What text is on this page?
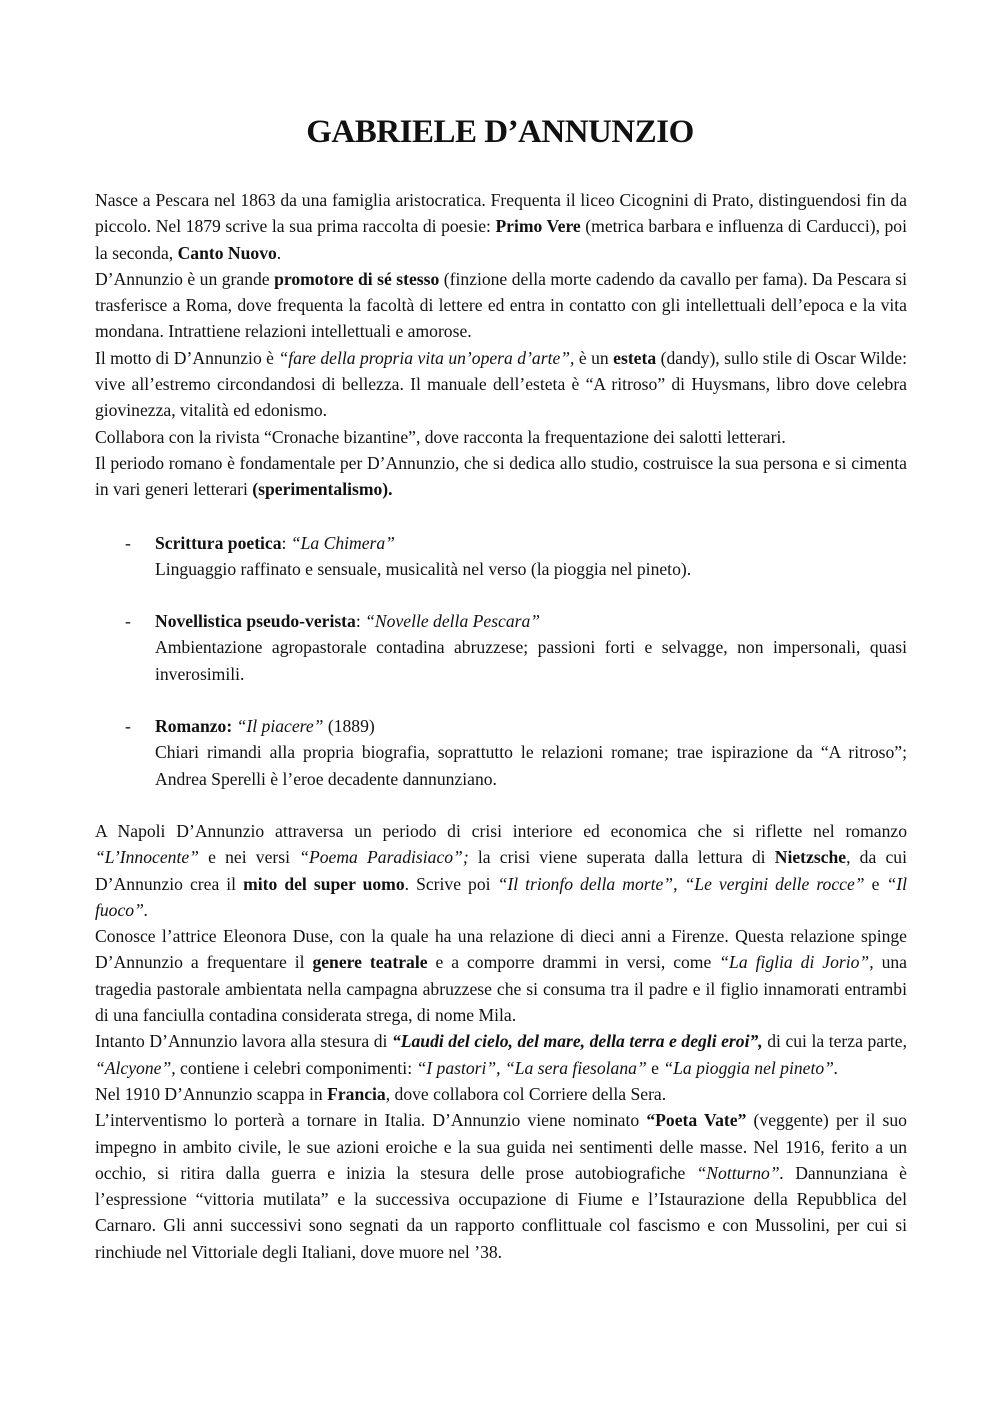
GABRIELE D’ANNUNZIO

Nasce a Pescara nel 1863 da una famiglia aristocratica. Frequenta il liceo Cicognini di Prato, distinguendosi fin da piccolo. Nel 1879 scrive la sua prima raccolta di poesie: Primo Vere (metrica barbara e influenza di Carducci), poi la seconda, Canto Nuovo.

D’Annunzio è un grande promotore di sé stesso (finzione della morte cadendo da cavallo per fama). Da Pescara si trasferisce a Roma, dove frequenta la facoltà di lettere ed entra in contatto con gli intellettuali dell’epoca e la vita mondana. Intrattiene relazioni intellettuali e amorose.

Il motto di D’Annunzio è “fare della propria vita un’opera d’arte”, è un esteta (dandy), sullo stile di Oscar Wilde: vive all’estremo circondandosi di bellezza. Il manuale dell’esteta è “A ritroso” di Huysmans, libro dove celebra giovinezza, vitalità ed edonismo.

Collabora con la rivista “Cronache bizantine”, dove racconta la frequentazione dei salotti letterari.

Il periodo romano è fondamentale per D’Annunzio, che si dedica allo studio, costruisce la sua persona e si cimenta in vari generi letterari (sperimentalismo).

- Scrittura poetica: “La Chimera”
Linguaggio raffinato e sensuale, musicalità nel verso (la pioggia nel pineto).
- Novellistica pseudo-verista: “Novelle della Pescara”
Ambientazione agropastorale contadina abruzzese; passioni forti e selvagge, non impersonali, quasi inverosimili.
- Romanzo: “Il piacere” (1889)
Chiari rimandi alla propria biografia, soprattutto le relazioni romane; trae ispirazione da “A ritroso”; Andrea Sperelli è l’eroe decadente dannunziano.

A Napoli D’Annunzio attraversa un periodo di crisi interiore ed economica che si riflette nel romanzo “L’Innocente” e nei versi “Poema Paradisiaco”; la crisi viene superata dalla lettura di Nietzsche, da cui D’Annunzio crea il mito del super uomo. Scrive poi “Il trionfo della morte”, “Le vergini delle rocce” e “Il fuoco”.

Conosce l’attrice Eleonora Duse, con la quale ha una relazione di dieci anni a Firenze. Questa relazione spinge D’Annunzio a frequentare il genere teatrale e a comporre drammi in versi, come “La figlia di Jorio”, una tragedia pastorale ambientata nella campagna abruzzese che si consuma tra il padre e il figlio innamorati entrambi di una fanciulla contadina considerata strega, di nome Mila.

Intanto D’Annunzio lavora alla stesura di “Laudi del cielo, del mare, della terra e degli eroi”, di cui la terza parte, “Alcyone”, contiene i celebri componimenti: “I pastori”, “La sera fiesolana” e “La pioggia nel pineto”.

Nel 1910 D’Annunzio scappa in Francia, dove collabora col Corriere della Sera.

L’interventismo lo porterà a tornare in Italia. D’Annunzio viene nominato “Poeta Vate” (veggente) per il suo impegno in ambito civile, le sue azioni eroiche e la sua guida nei sentimenti delle masse. Nel 1916, ferito a un occhio, si ritira dalla guerra e inizia la stesura delle prose autobiografiche “Notturno”. Dannunziana è l’espressione “vittoria mutilata” e la successiva occupazione di Fiume e l’Istaurazione della Repubblica del Carnaro. Gli anni successivi sono segnati da un rapporto conflittuale col fascismo e con Mussolini, per cui si rinchiude nel Vittoriale degli Italiani, dove muore nel ’38.
